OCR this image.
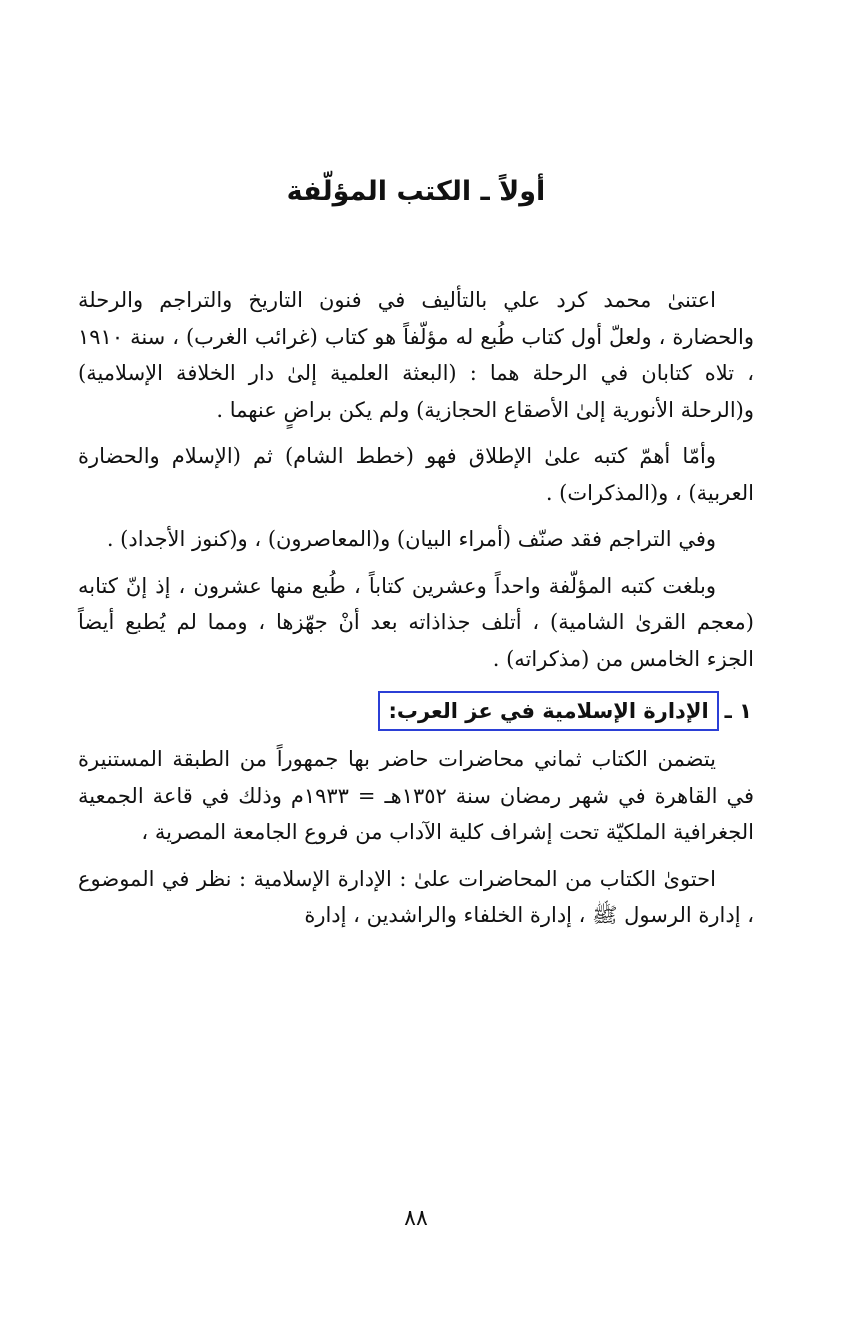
أولاً ـ الكتب المؤلّفة

اعتنىٰ محمد كرد علي بالتأليف في فنون التاريخ والتراجم والرحلة والحضارة ، ولعلّ أول كتاب طُبع له مؤلّفاً هو كتاب (غرائب الغرب) ، سنة ١٩١٠ ، تلاه كتابان في الرحلة هما : (البعثة العلمية إلىٰ دار الخلافة الإسلامية) و(الرحلة الأنورية إلىٰ الأصقاع الحجازية) ولم يكن براضٍ عنهما .

وأمّا أهمّ كتبه علىٰ الإطلاق فهو (خطط الشام) ثم (الإسلام والحضارة العربية) ، و(المذكرات) .

وفي التراجم فقد صنّف (أمراء البيان) و(المعاصرون) ، و(كنوز الأجداد) .

وبلغت كتبه المؤلّفة واحداً وعشرين كتاباً ، طُبع منها عشرون ، إذ إنّ كتابه (معجم القرىٰ الشامية) ، أتلف جذاذاته بعد أنْ جهّزها ، ومما لم يُطبع أيضاً الجزء الخامس من (مذكراته) .

١ ـ
الإدارة الإسلامية في عز العرب:

يتضمن الكتاب ثماني محاضرات حاضر بها جمهوراً من الطبقة المستنيرة في القاهرة في شهر رمضان سنة ١٣٥٢هـ = ١٩٣٣م وذلك في قاعة الجمعية الجغرافية الملكيّة تحت إشراف كلية الآداب من فروع الجامعة المصرية ،

احتوىٰ الكتاب من المحاضرات علىٰ : الإدارة الإسلامية : نظر في الموضوع ، إدارة الرسول ﷺ ، إدارة الخلفاء والراشدين ، إدارة

٨٨
